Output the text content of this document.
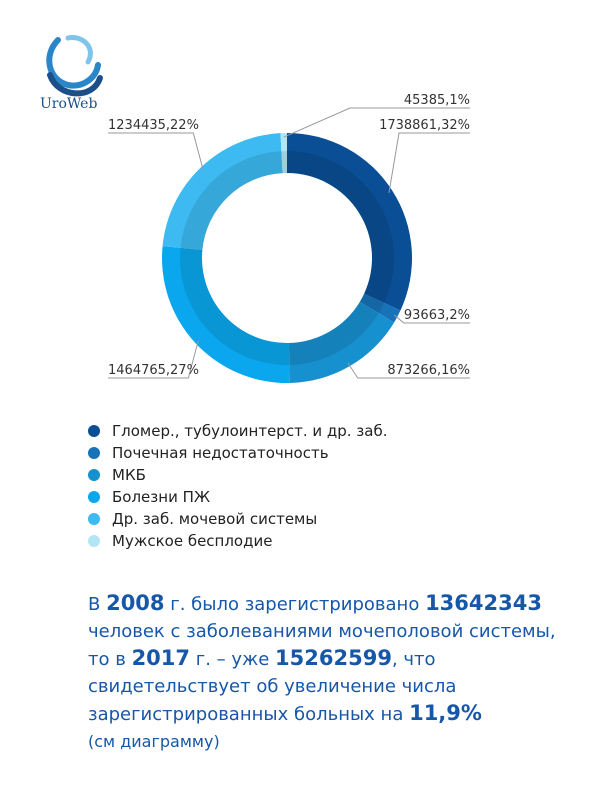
UroWeb
1738861,32%
93663,2%
873266,16%
1464765,27%
1234435,22%
45385,1%
Гломер., тубулоинтерст. и др. заб.
Почечная недостаточность
МКБ
Болезни ПЖ
Др. заб. мочевой системы
Мужское бесплодие

В 2008 г. было зарегистрировано 13642343 человек с заболеваниями мочеполовой системы, то в 2017 г. – уже 15262599, что свидетельствует об увеличение числа зарегистрированных больных на 11,9%
(см диаграмму)
